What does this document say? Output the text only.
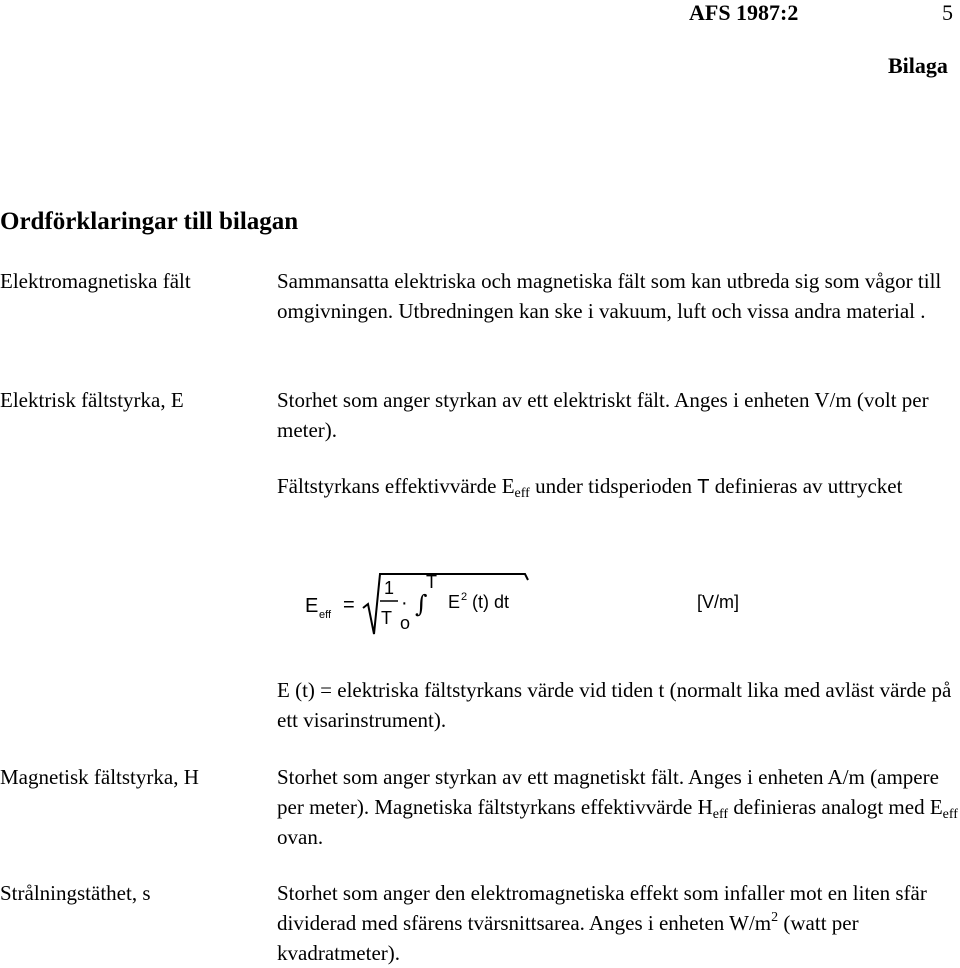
AFS 1987:2	5
Bilaga
Ordförklaringar till bilagan
Elektromagnetiska fält	Sammansatta elektriska och magnetiska fält som kan utbreda sig som vågor till omgivningen. Utbredningen kan ske i vakuum, luft och vissa andra material .

Elektrisk fältstyrka, E	Storhet som anger styrkan av ett elektriskt fält. Anges i enheten V/m (volt per meter).

Fältstyrkans effektivvärde $E_{eff}$ under tidsperioden T definieras av uttrycket

E eff =
1
T
· ∫
T
o
E 2 (t) dt	[V/m]

E (t) = elektriska fältstyrkans värde vid tiden t (normalt lika med avläst värde på ett visarinstrument).

Magnetisk fältstyrka, H	Storhet som anger styrkan av ett magnetiskt fält. Anges i enheten A/m (ampere per meter). Magnetiska fältstyrkans effektivvärde $H_{eff}$ definieras analogt med $E_{eff}$ ovan.

Strålningstäthet, s	Storhet som anger den elektromagnetiska effekt som infaller mot en liten sfär dividerad med sfärens tvärsnittsarea. Anges i enheten $W/m^2$ (watt per kvadratmeter).
